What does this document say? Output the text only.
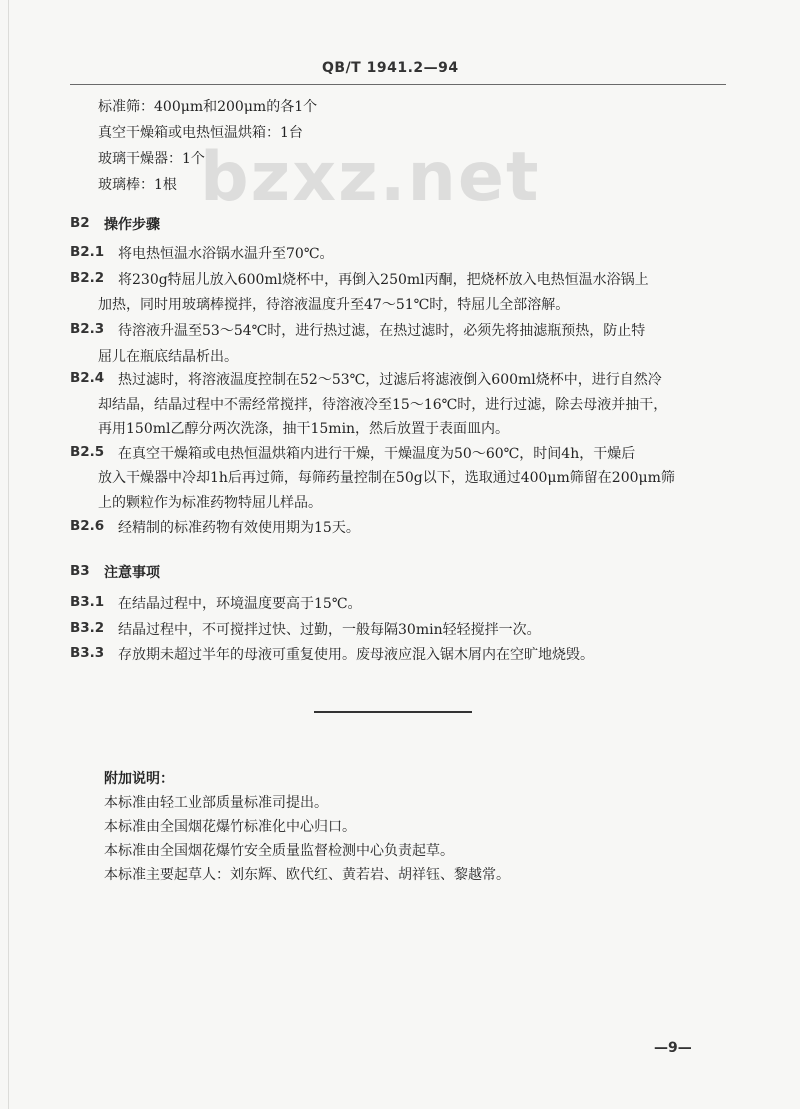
QB/T 1941.2—94
bzxz.net
标准筛：400μm和200μm的各1个
真空干燥箱或电热恒温烘箱：1台
玻璃干燥器：1个
玻璃棒：1根
B2 操作步骤
B2.1 将电热恒温水浴锅水温升至70℃。
B2.2 将230g特屈儿放入600ml烧杯中，再倒入250ml丙酮，把烧杯放入电热恒温水浴锅上
加热，同时用玻璃棒搅拌，待溶液温度升至47～51℃时，特屈儿全部溶解。
B2.3 待溶液升温至53～54℃时，进行热过滤，在热过滤时，必须先将抽滤瓶预热，防止特
屈儿在瓶底结晶析出。
B2.4 热过滤时，将溶液温度控制在52～53℃，过滤后将滤液倒入600ml烧杯中，进行自然冷
却结晶，结晶过程中不需经常搅拌，待溶液冷至15～16℃时，进行过滤，除去母液并抽干，
再用150ml乙醇分两次洗涤，抽干15min，然后放置于表面皿内。
B2.5 在真空干燥箱或电热恒温烘箱内进行干燥，干燥温度为50～60℃，时间4h，干燥后
放入干燥器中冷却1h后再过筛，每筛药量控制在50g以下，选取通过400μm筛留在200μm筛
上的颗粒作为标准药物特屈儿样品。
B2.6 经精制的标准药物有效使用期为15天。
B3 注意事项
B3.1 在结晶过程中，环境温度要高于15℃。
B3.2 结晶过程中，不可搅拌过快、过勤，一般每隔30min轻轻搅拌一次。
B3.3 存放期未超过半年的母液可重复使用。废母液应混入锯木屑内在空旷地烧毁。
附加说明：
本标准由轻工业部质量标准司提出。
本标准由全国烟花爆竹标准化中心归口。
本标准由全国烟花爆竹安全质量监督检测中心负责起草。
本标准主要起草人：刘东辉、欧代红、黄若岩、胡祥钰、黎越常。
—9—
